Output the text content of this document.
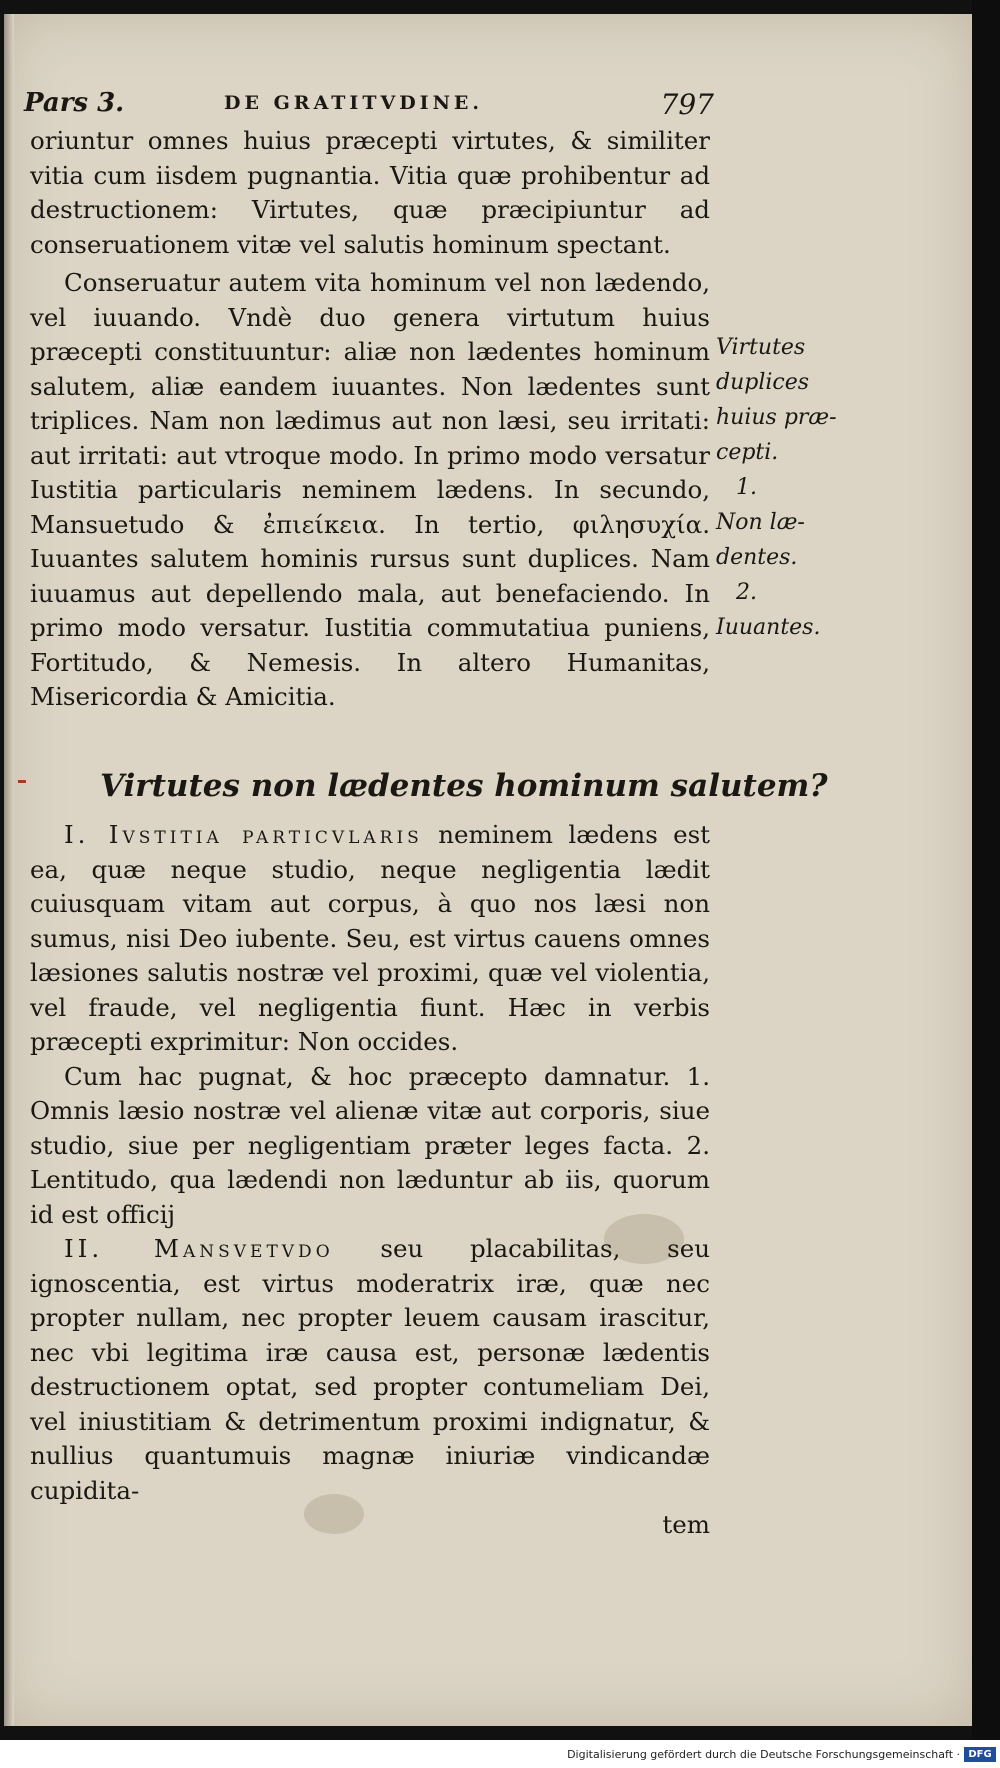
Pars 3.	DE GRATITVDINE.	797

oriuntur omnes huius præcepti virtutes, & similiter vitia cum iisdem pugnantia. Vitia quæ prohibentur ad destructionem: Virtutes, quæ præcipiuntur ad conseruationem vitæ vel salutis hominum spectant.

Conseruatur autem vita hominum vel non lædendo, vel iuuando. Vndè duo genera virtutum huius præcepti constituuntur: aliæ non lædentes hominum salutem, aliæ eandem iuuantes. Non lædentes sunt triplices. Nam non lædimus aut non læsi, seu irritati: aut irritati: aut vtroque modo. In primo modo versatur Iustitia particularis neminem lædens. In secundo, Mansuetudo & ἐπιείκεια. In tertio, φιλησυχία. Iuuantes salutem hominis rursus sunt duplices. Nam iuuamus aut depellendo mala, aut benefaciendo. In primo modo versatur. Iustitia commutatiua puniens, Fortitudo, & Nemesis. In altero Humanitas, Misericordia & Amicitia.

Virtutes
duplices
huius præ-
cepti.
1.
Non læ-
dentes.
2.
Iuuantes.
Virtutes non lædentes hominum salutem?

I. Ivstitia particvlaris neminem lædens est ea, quæ neque studio, neque negligentia lædit cuiusquam vitam aut corpus, à quo nos læsi non sumus, nisi Deo iubente. Seu, est virtus cauens omnes læsiones salutis nostræ vel proximi, quæ vel violentia, vel fraude, vel negligentia fiunt. Hæc in verbis præcepti exprimitur: Non occides.

Cum hac pugnat, & hoc præcepto damnatur. 1. Omnis læsio nostræ vel alienæ vitæ aut corporis, siue studio, siue per negligentiam præter leges facta. 2. Lentitudo, qua lædendi non læduntur ab iis, quorum id est officij

II. Mansvetvdo seu placabilitas, seu ignoscentia, est virtus moderatrix iræ, quæ nec propter nullam, nec propter leuem causam irascitur, nec vbi legitima iræ causa est, personæ lædentis destructionem optat, sed propter contumeliam Dei, vel iniustitiam & detrimentum proximi indignatur, & nullius quantumuis magnæ iniuriæ vindicandæ cupidita-

tem

Digitalisierung gefördert durch die Deutsche Forschungsgemeinschaft · DFG
